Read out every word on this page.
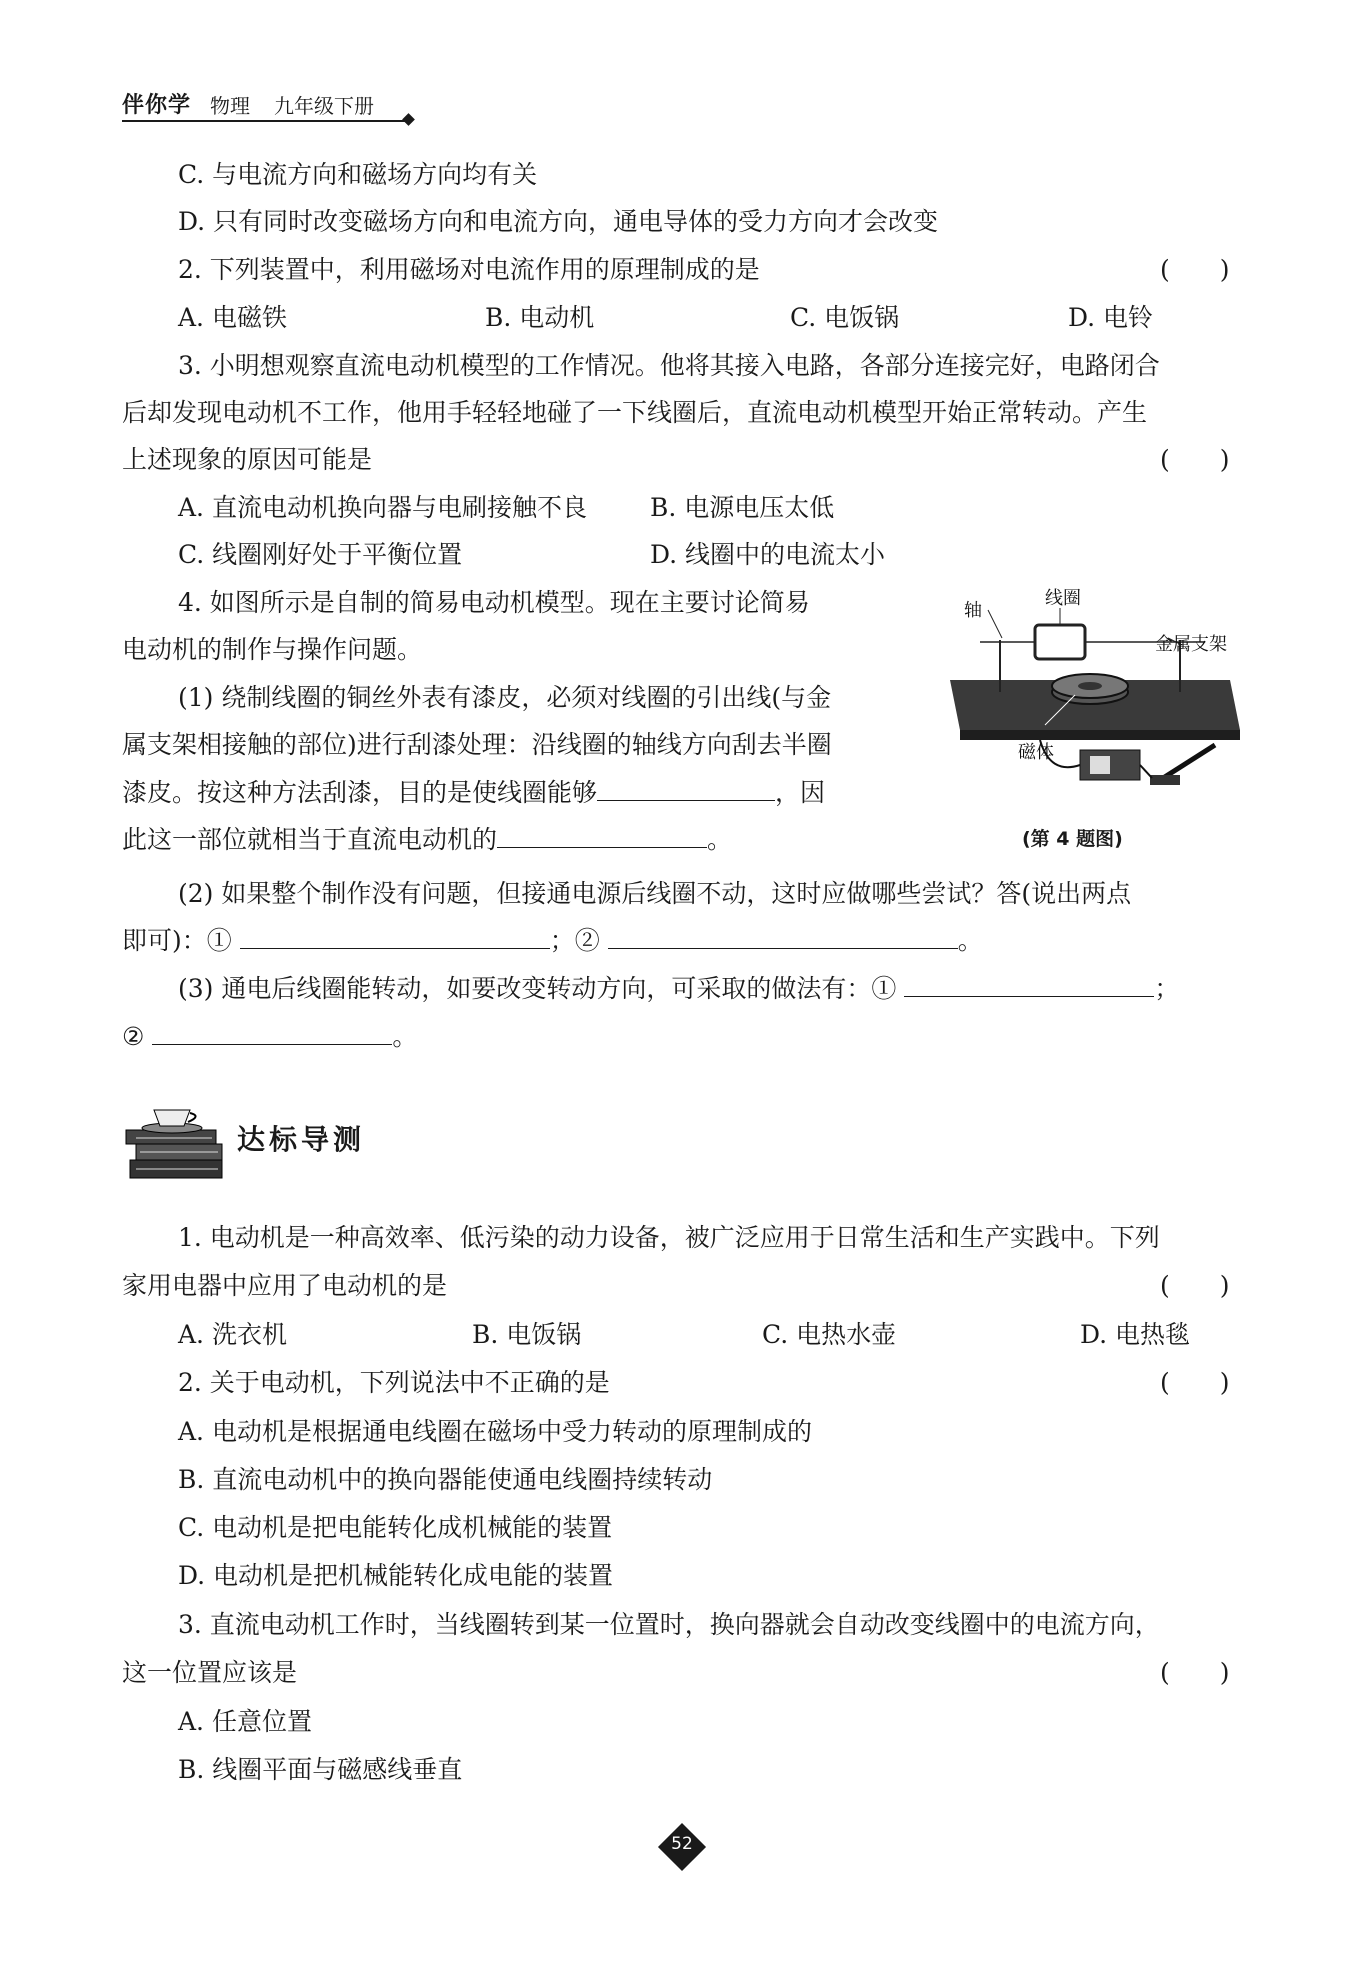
伴你学 物理 九年级下册
C. 与电流方向和磁场方向均有关
D. 只有同时改变磁场方向和电流方向，通电导体的受力方向才会改变
2. 下列装置中，利用磁场对电流作用的原理制成的是	(　　)
A. 电磁铁	B. 电动机	C. 电饭锅	D. 电铃
3. 小明想观察直流电动机模型的工作情况。他将其接入电路，各部分连接完好，电路闭合
后却发现电动机不工作，他用手轻轻地碰了一下线圈后，直流电动机模型开始正常转动。产生
上述现象的原因可能是	(　　)
A. 直流电动机换向器与电刷接触不良	B. 电源电压太低
C. 线圈刚好处于平衡位置	D. 线圈中的电流太小
4. 如图所示是自制的简易电动机模型。现在主要讨论简易
电动机的制作与操作问题。
(1) 绕制线圈的铜丝外表有漆皮，必须对线圈的引出线(与金
属支架相接触的部位)进行刮漆处理：沿线圈的轴线方向刮去半圈
漆皮。按这种方法刮漆，目的是使线圈能够	，因
此这一部位就相当于直流电动机的	。
轴
线圈
金属支架
磁体
(第 4 题图)
(2) 如果整个制作没有问题，但接通电源后线圈不动，这时应做哪些尝试？答(说出两点
即可)：①	；②	。
(3) 通电后线圈能转动，如要改变转动方向，可采取的做法有：①	；
②	。
达标导测
1. 电动机是一种高效率、低污染的动力设备，被广泛应用于日常生活和生产实践中。下列
家用电器中应用了电动机的是	(　　)
A. 洗衣机	B. 电饭锅	C. 电热水壶	D. 电热毯
2. 关于电动机，下列说法中不正确的是	(　　)
A. 电动机是根据通电线圈在磁场中受力转动的原理制成的
B. 直流电动机中的换向器能使通电线圈持续转动
C. 电动机是把电能转化成机械能的装置
D. 电动机是把机械能转化成电能的装置
3. 直流电动机工作时，当线圈转到某一位置时，换向器就会自动改变线圈中的电流方向，
这一位置应该是	(　　)
A. 任意位置
B. 线圈平面与磁感线垂直
52
